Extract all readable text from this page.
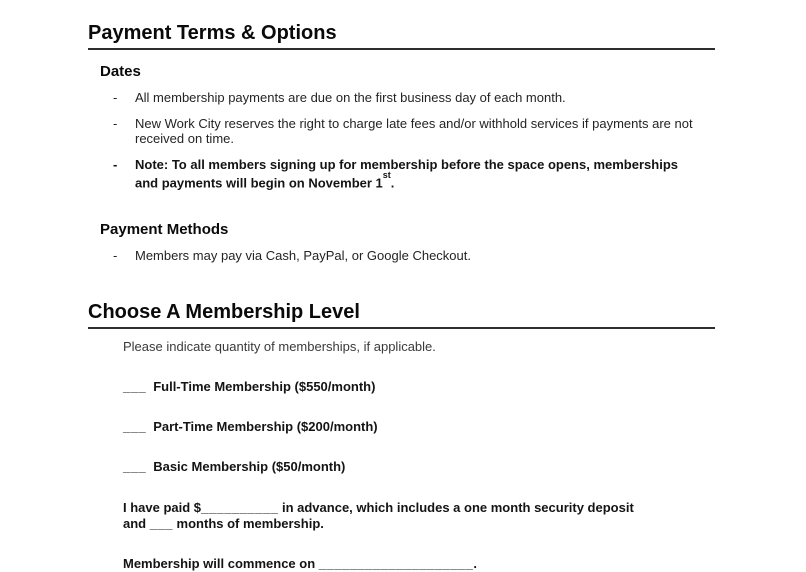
Payment Terms & Options
Dates
-	All membership payments are due on the first business day of each month.
-	New Work City reserves the right to charge late fees and/or withhold services if payments are not
received on time.
-	Note: To all members signing up for membership before the space opens, memberships
and payments will begin on November 1st.
Payment Methods
-	Members may pay via Cash, PayPal, or Google Checkout.
Choose A Membership Level
Please indicate quantity of memberships, if applicable.
___ Full-Time Membership ($550/month)
___ Part-Time Membership ($200/month)
___ Basic Membership ($50/month)
I have paid $__________ in advance, which includes a one month security deposit
and ___ months of membership.
Membership will commence on ____________________.
